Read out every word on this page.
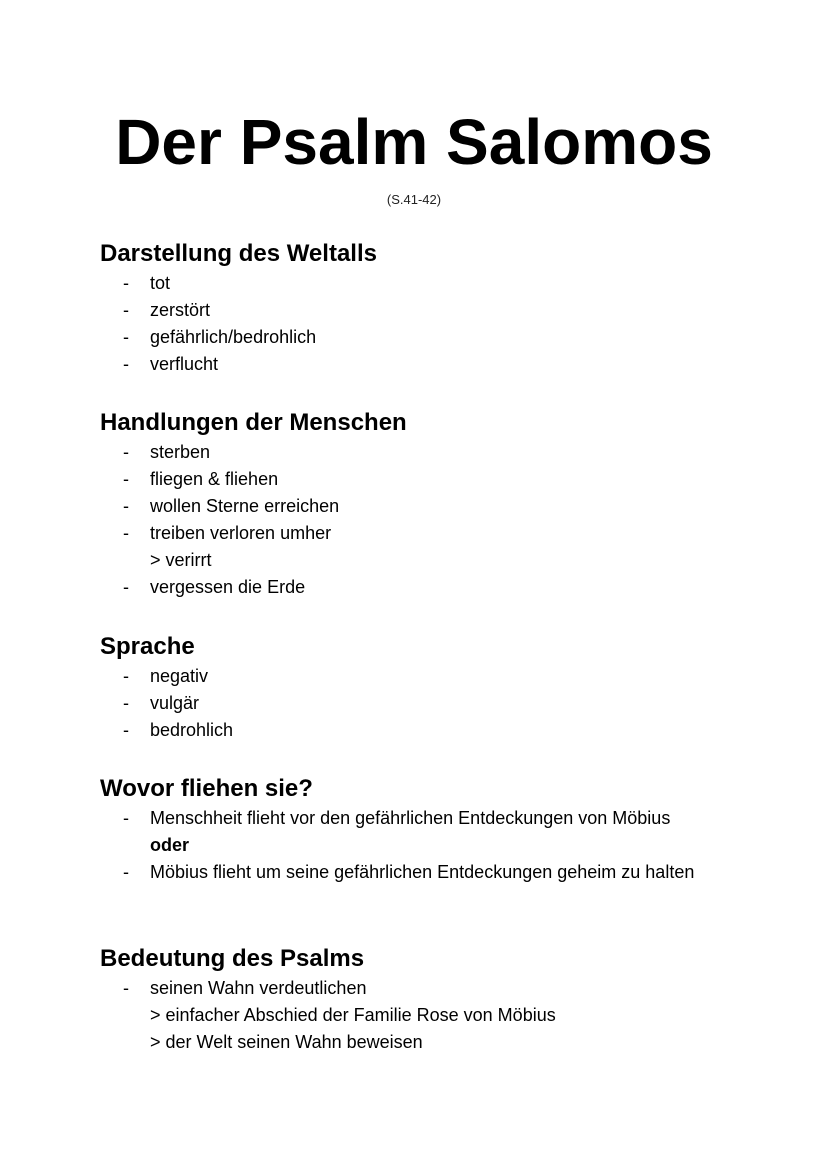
Der Psalm Salomos
(S.41-42)
Darstellung des Weltalls
- tot
- zerstört
- gefährlich/bedrohlich
- verflucht
Handlungen der Menschen
- sterben
- fliegen & fliehen
- wollen Sterne erreichen
- treiben verloren umher
> verirrt
- vergessen die Erde
Sprache
- negativ
- vulgär
- bedrohlich
Wovor fliehen sie?
- Menschheit flieht vor den gefährlichen Entdeckungen von Möbius
oder
- Möbius flieht um seine gefährlichen Entdeckungen geheim zu halten
Bedeutung des Psalms
- seinen Wahn verdeutlichen
> einfacher Abschied der Familie Rose von Möbius
> der Welt seinen Wahn beweisen
